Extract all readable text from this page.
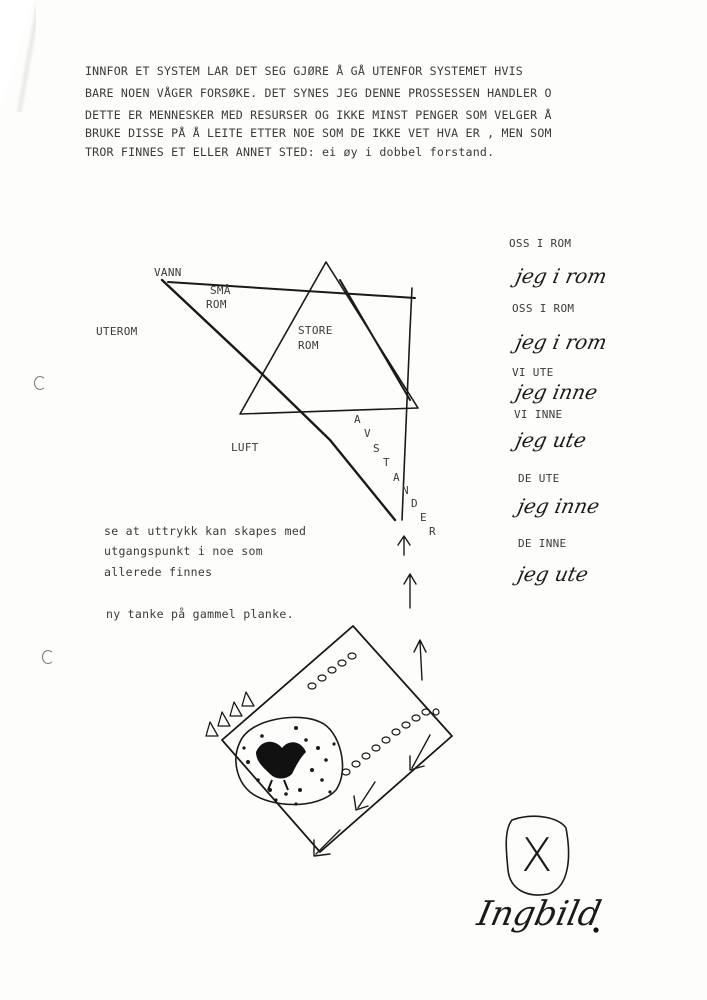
INNFOR ET SYSTEM LAR DET SEG GJØRE Å GÅ UTENFOR SYSTEMET HVIS
BARE NOEN VÅGER FORSØKE. DET SYNES JEG DENNE PROSSESSEN HANDLER O
DETTE ER MENNESKER MED RESURSER OG IKKE MINST PENGER SOM VELGER Å
BRUKE DISSE PÅ Å LEITE ETTER NOE SOM DE IKKE VET HVA ER , MEN SOM
TROR FINNES ET ELLER ANNET STED: ei øy i dobbel forstand.
VANN
SMÅ
ROM
UTEROM	STORE
ROM
LUFT
A
V
S
T
A
N
D
E
R
se at uttrykk kan skapes med
utgangspunkt i noe som
allerede finnes
ny tanke på gammel planke.
OSS I ROM
jeg i rom
OSS I ROM
jeg i rom
VI UTE
jeg inne
VI INNE
jeg ute
DE UTE
jeg inne
DE INNE
jeg ute
X
Ingbild
